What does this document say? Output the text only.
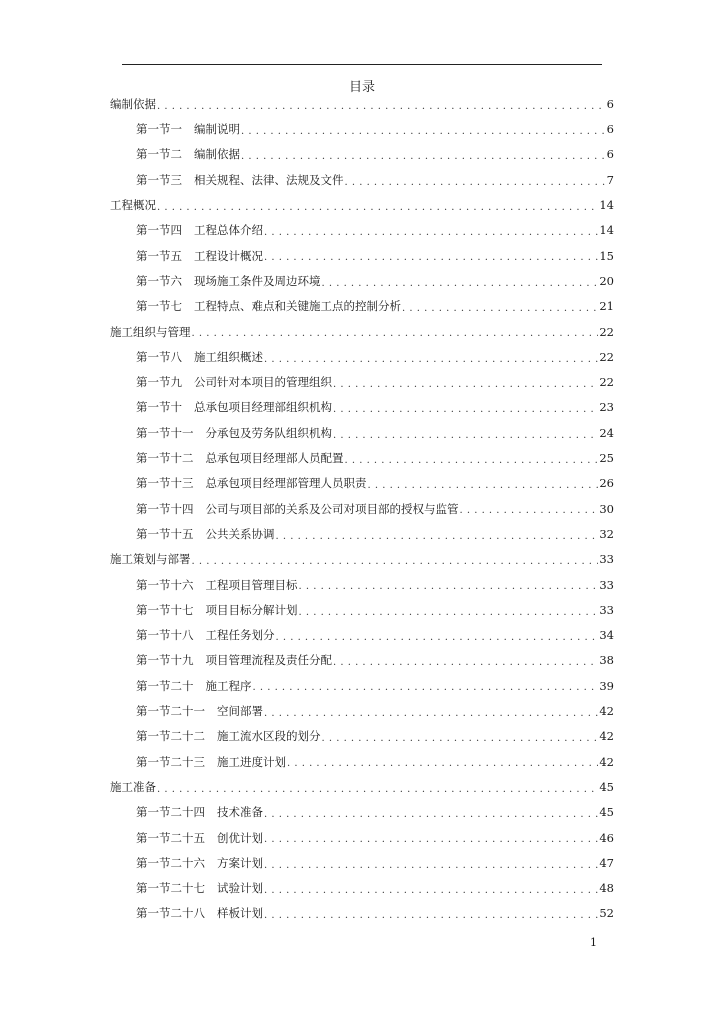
目录
编制依据 . . .	6
第一节一 编制说明 . . .	6
第一节二 编制依据 . . .	6
第一节三 相关规程、法律、法规及文件 . . .	7
工程概况 . . .	14
第一节四 工程总体介绍 . . .	14
第一节五 工程设计概况 . . .	15
第一节六 现场施工条件及周边环境 . . .	20
第一节七 工程特点、难点和关键施工点的控制分析 . . .	21
施工组织与管理 . . .	22
第一节八 施工组织概述 . . .	22
第一节九 公司针对本项目的管理组织 . . .	22
第一节十 总承包项目经理部组织机构 . . .	23
第一节十一 分承包及劳务队组织机构 . . .	24
第一节十二 总承包项目经理部人员配置 . . .	25
第一节十三 总承包项目经理部管理人员职责 . . .	26
第一节十四 公司与项目部的关系及公司对项目部的授权与监管 . . .	30
第一节十五 公共关系协调 . . .	32
施工策划与部署 . . .	33
第一节十六 工程项目管理目标 . . .	33
第一节十七 项目目标分解计划 . . .	33
第一节十八 工程任务划分 . . .	34
第一节十九 项目管理流程及责任分配 . . .	38
第一节二十 施工程序 . . .	39
第一节二十一 空间部署 . . .	42
第一节二十二 施工流水区段的划分 . . .	42
第一节二十三 施工进度计划 . . .	42
施工准备 . . .	45
第一节二十四 技术准备 . . .	45
第一节二十五 创优计划 . . .	46
第一节二十六 方案计划 . . .	47
第一节二十七 试验计划 . . .	48
第一节二十八 样板计划 . . .	52
1
